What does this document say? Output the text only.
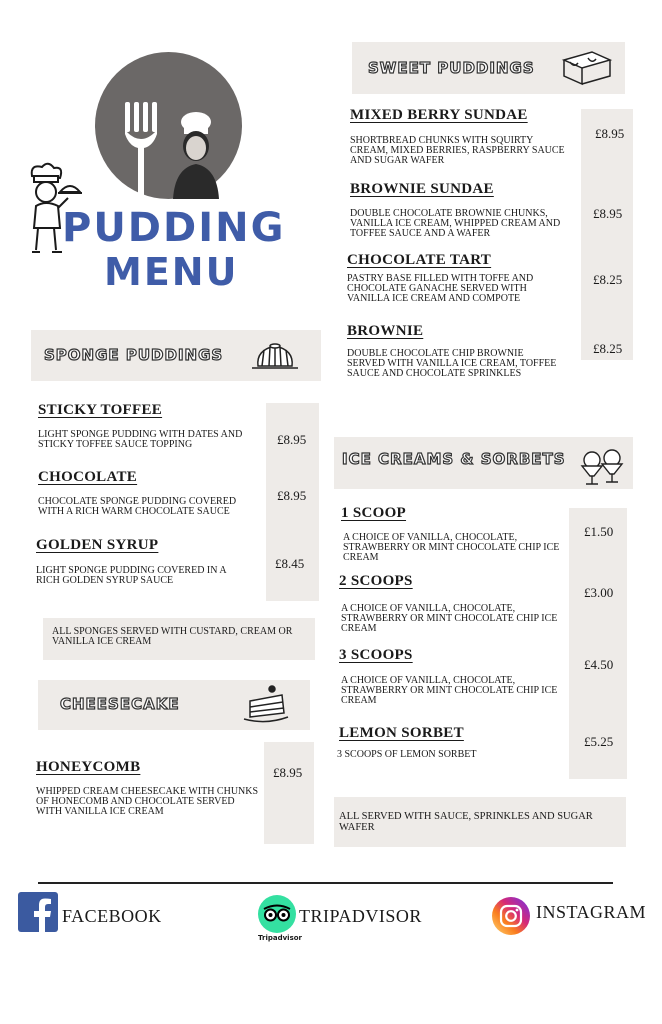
PUDDING
MENU
SPONGE PUDDINGS
STICKY TOFFEE
LIGHT SPONGE PUDDING WITH DATES AND STICKY TOFFEE SAUCE TOPPING	£8.95
CHOCOLATE
CHOCOLATE SPONGE PUDDING COVERED WITH A RICH WARM CHOCOLATE SAUCE
£8.95
GOLDEN SYRUP
LIGHT SPONGE PUDDING COVERED IN A RICH GOLDEN SYRUP SAUCE
£8.45
ALL SPONGES SERVED WITH CUSTARD, CREAM OR VANILLA ICE CREAM
CHEESECAKE
HONEYCOMB
WHIPPED CREAM CHEESECAKE WITH CHUNKS OF HONECOMB AND CHOCOLATE SERVED WITH VANILLA ICE CREAM
£8.95
SWEET PUDDINGS
MIXED BERRY SUNDAE
SHORTBREAD CHUNKS WITH SQUIRTY CREAM, MIXED BERRIES, RASPBERRY SAUCE AND SUGAR WAFER
£8.95
BROWNIE SUNDAE
DOUBLE CHOCOLATE BROWNIE CHUNKS, VANILLA ICE CREAM, WHIPPED CREAM AND TOFFEE SAUCE AND A WAFER
£8.95
CHOCOLATE TART
PASTRY BASE FILLED WITH TOFFE AND CHOCOLATE GANACHE SERVED WITH VANILLA ICE CREAM AND COMPOTE
£8.25
BROWNIE
DOUBLE CHOCOLATE CHIP BROWNIE SERVED WITH VANILLA ICE CREAM, TOFFEE SAUCE AND CHOCOLATE SPRINKLES
£8.25
ICE CREAMS & SORBETS
1 SCOOP
A CHOICE OF VANILLA, CHOCOLATE, STRAWBERRY OR MINT CHOCOLATE CHIP ICE CREAM
£1.50
2 SCOOPS
A CHOICE OF VANILLA, CHOCOLATE, STRAWBERRY OR MINT CHOCOLATE CHIP ICE CREAM
£3.00
3 SCOOPS
A CHOICE OF VANILLA, CHOCOLATE, STRAWBERRY OR MINT CHOCOLATE CHIP ICE CREAM
£4.50
LEMON SORBET
3 SCOOPS OF LEMON SORBET
£5.25
ALL SERVED WITH SAUCE, SPRINKLES AND SUGAR WAFER
FACEBOOK
Tripadvisor
TRIPADVISOR	INSTAGRAM
